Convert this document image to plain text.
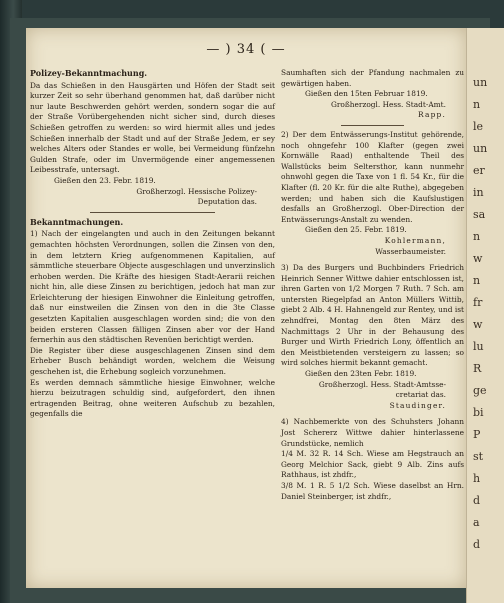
— ) 34 ( —

Polizey-Bekanntmachung.

Da das Schießen in den Hausgärten und Höfen der Stadt seit kurzer Zeit so sehr überhand genommen hat, daß darüber nicht nur laute Beschwerden gehört werden, sondern sogar die auf der Straße Vorübergehenden nicht sicher sind, durch dieses Schießen getroffen zu werden: so wird hiermit alles und jedes Schießen innerhalb der Stadt und auf der Straße Jedem, er sey welches Alters oder Standes er wolle, bei Vermeidung fünfzehn Gulden Strafe, oder im Unvermögende einer angemessenen Leibesstrafe, untersagt.

Gießen den 23. Febr. 1819.

Großherzogl. Hessische Polizey-

Deputation das.

Bekanntmachungen.

1) Nach der eingelangten und auch in den Zeitungen bekannt gemachten höchsten Verordnungen, sollen die Zinsen von den, in dem letztern Krieg aufgenommenen Kapitalien, auf sämmtliche steuerbare Objecte ausgeschlagen und unverzinslich erhoben werden. Die Kräfte des hiesigen Stadt-Aerarii reichen nicht hin, alle diese Zinsen zu berichtigen, jedoch hat man zur Erleichterung der hiesigen Einwohner die Einleitung getroffen, daß nur einstweilen die Zinsen von den in die 3te Classe gesetzten Kapitalien ausgeschlagen worden sind; die von den beiden ersteren Classen fälligen Zinsen aber vor der Hand fernerhin aus den städtischen Revenüen berichtigt werden.

Die Register über diese ausgeschlagenen Zinsen sind dem Erheber Busch behändigt worden, welchem die Weisung geschehen ist, die Erhebung sogleich vorzunehmen.

Es werden demnach sämmtliche hiesige Einwohner, welche hierzu beizutragen schuldig sind, aufgefordert, den ihnen ertragenden Beitrag, ohne weiteren Aufschub zu bezahlen, gegenfalls die

Saumhaften sich der Pfandung nachmalen zu gewärtigen haben.

Gießen den 15ten Februar 1819.

Großherzogl. Hess. Stadt-Amt.

Rapp.

2) Der dem Entwässerungs-Institut gehörende, noch ohngefehr 100 Klafter (gegen zwei Kornwälle Raad) enthaltende Theil des Wallstücks beim Seltersthor, kann nunmehr ohnwohl gegen die Taxe von 1 fl. 54 Kr., für die Klafter (fl. 20 Kr. für die alte Ruthe), abgegeben werden; und haben sich die Kaufslustigen desfalls an Großherzogl. Ober-Direction der Entwässerungs-Anstalt zu wenden.

Gießen den 25. Febr. 1819.

Kohlermann,

Wasserbaumeister.

3) Da des Burgers und Buchbinders Friedrich Heinrich Senner Wittwe dahier entschlossen ist, ihren Garten von 1/2 Morgen 7 Ruth. 7 Sch. am untersten Riegelpfad an Anton Müllers Wittib, giebt 2 Alb. 4 H. Hahnengeld zur Rentey, und ist zehndfrei, Montag den 8ten März des Nachmittags 2 Uhr in der Behausung des Burger und Wirth Friedrich Lony, öffentlich an den Meistbietenden versteigern zu lassen; so wird solches hiermit bekannt gemacht.

Gießen den 23ten Febr. 1819.

Großherzogl. Hess. Stadt-Amtsse-

cretariat das.

Staudinger.

4) Nachbemerkte von des Schuhsters Johann Jost Schererz Wittwe dahier hinterlassene Grundstücke, nemlich

1/4 M. 32 R. 14 Sch. Wiese am Hegstrauch an Georg Melchior Sack, giebt 9 Alb. Zins aufs Rathhaus, ist zhdfr.,

3/8 M. 1 R. 5 1/2 Sch. Wiese daselbst an Hrn. Daniel Steinberger, ist zhdfr.,

un
n
le
un
er
in
sa
n
w
n
fr
w
lu
R
ge
bi
P
st
h
d
a
d
